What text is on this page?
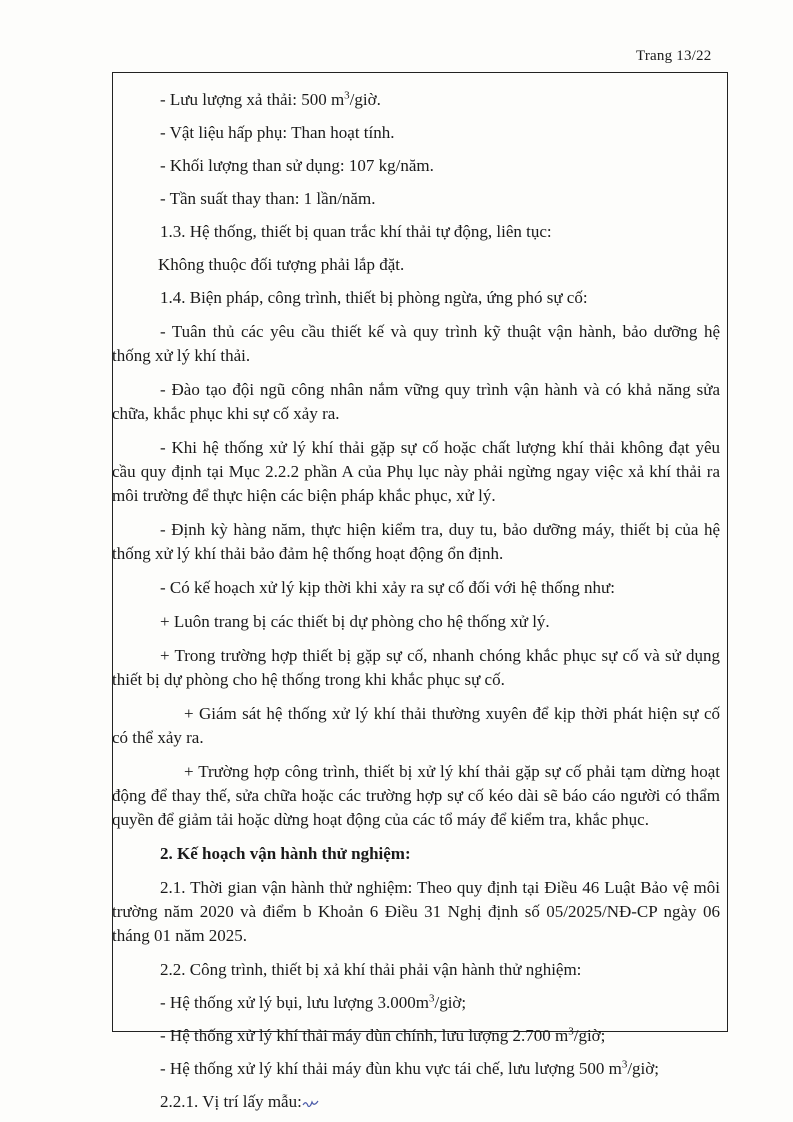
Trang 13/22

- Lưu lượng xả thải: 500 $m^3$/giờ.

- Vật liệu hấp phụ: Than hoạt tính.

- Khối lượng than sử dụng: 107 kg/năm.

- Tần suất thay than: 1 lần/năm.

1.3. Hệ thống, thiết bị quan trắc khí thải tự động, liên tục:

Không thuộc đối tượng phải lắp đặt.

1.4. Biện pháp, công trình, thiết bị phòng ngừa, ứng phó sự cố:

- Tuân thủ các yêu cầu thiết kế và quy trình kỹ thuật vận hành, bảo dưỡng hệ thống xử lý khí thải.

- Đào tạo đội ngũ công nhân nắm vững quy trình vận hành và có khả năng sửa chữa, khắc phục khi sự cố xảy ra.

- Khi hệ thống xử lý khí thải gặp sự cố hoặc chất lượng khí thải không đạt yêu cầu quy định tại Mục 2.2.2 phần A của Phụ lục này phải ngừng ngay việc xả khí thải ra môi trường để thực hiện các biện pháp khắc phục, xử lý.

- Định kỳ hàng năm, thực hiện kiểm tra, duy tu, bảo dưỡng máy, thiết bị của hệ thống xử lý khí thải bảo đảm hệ thống hoạt động ổn định.

- Có kế hoạch xử lý kịp thời khi xảy ra sự cố đối với hệ thống như:

+ Luôn trang bị các thiết bị dự phòng cho hệ thống xử lý.

+ Trong trường hợp thiết bị gặp sự cố, nhanh chóng khắc phục sự cố và sử dụng thiết bị dự phòng cho hệ thống trong khi khắc phục sự cố.

+ Giám sát hệ thống xử lý khí thải thường xuyên để kịp thời phát hiện sự cố có thể xảy ra.

+ Trường hợp công trình, thiết bị xử lý khí thải gặp sự cố phải tạm dừng hoạt động để thay thế, sửa chữa hoặc các trường hợp sự cố kéo dài sẽ báo cáo người có thẩm quyền để giảm tải hoặc dừng hoạt động của các tổ máy để kiểm tra, khắc phục.

2. Kế hoạch vận hành thử nghiệm:

2.1. Thời gian vận hành thử nghiệm: Theo quy định tại Điều 46 Luật Bảo vệ môi trường năm 2020 và điểm b Khoản 6 Điều 31 Nghị định số 05/2025/NĐ-CP ngày 06 tháng 01 năm 2025.

2.2. Công trình, thiết bị xả khí thải phải vận hành thử nghiệm:

- Hệ thống xử lý bụi, lưu lượng $3.000m^3$/giờ;

- Hệ thống xử lý khí thải máy đùn chính, lưu lượng 2.700 $m^3$/giờ;

- Hệ thống xử lý khí thải máy đùn khu vực tái chế, lưu lượng 500 $m^3$/giờ;

2.2.1. Vị trí lấy mẫu:
